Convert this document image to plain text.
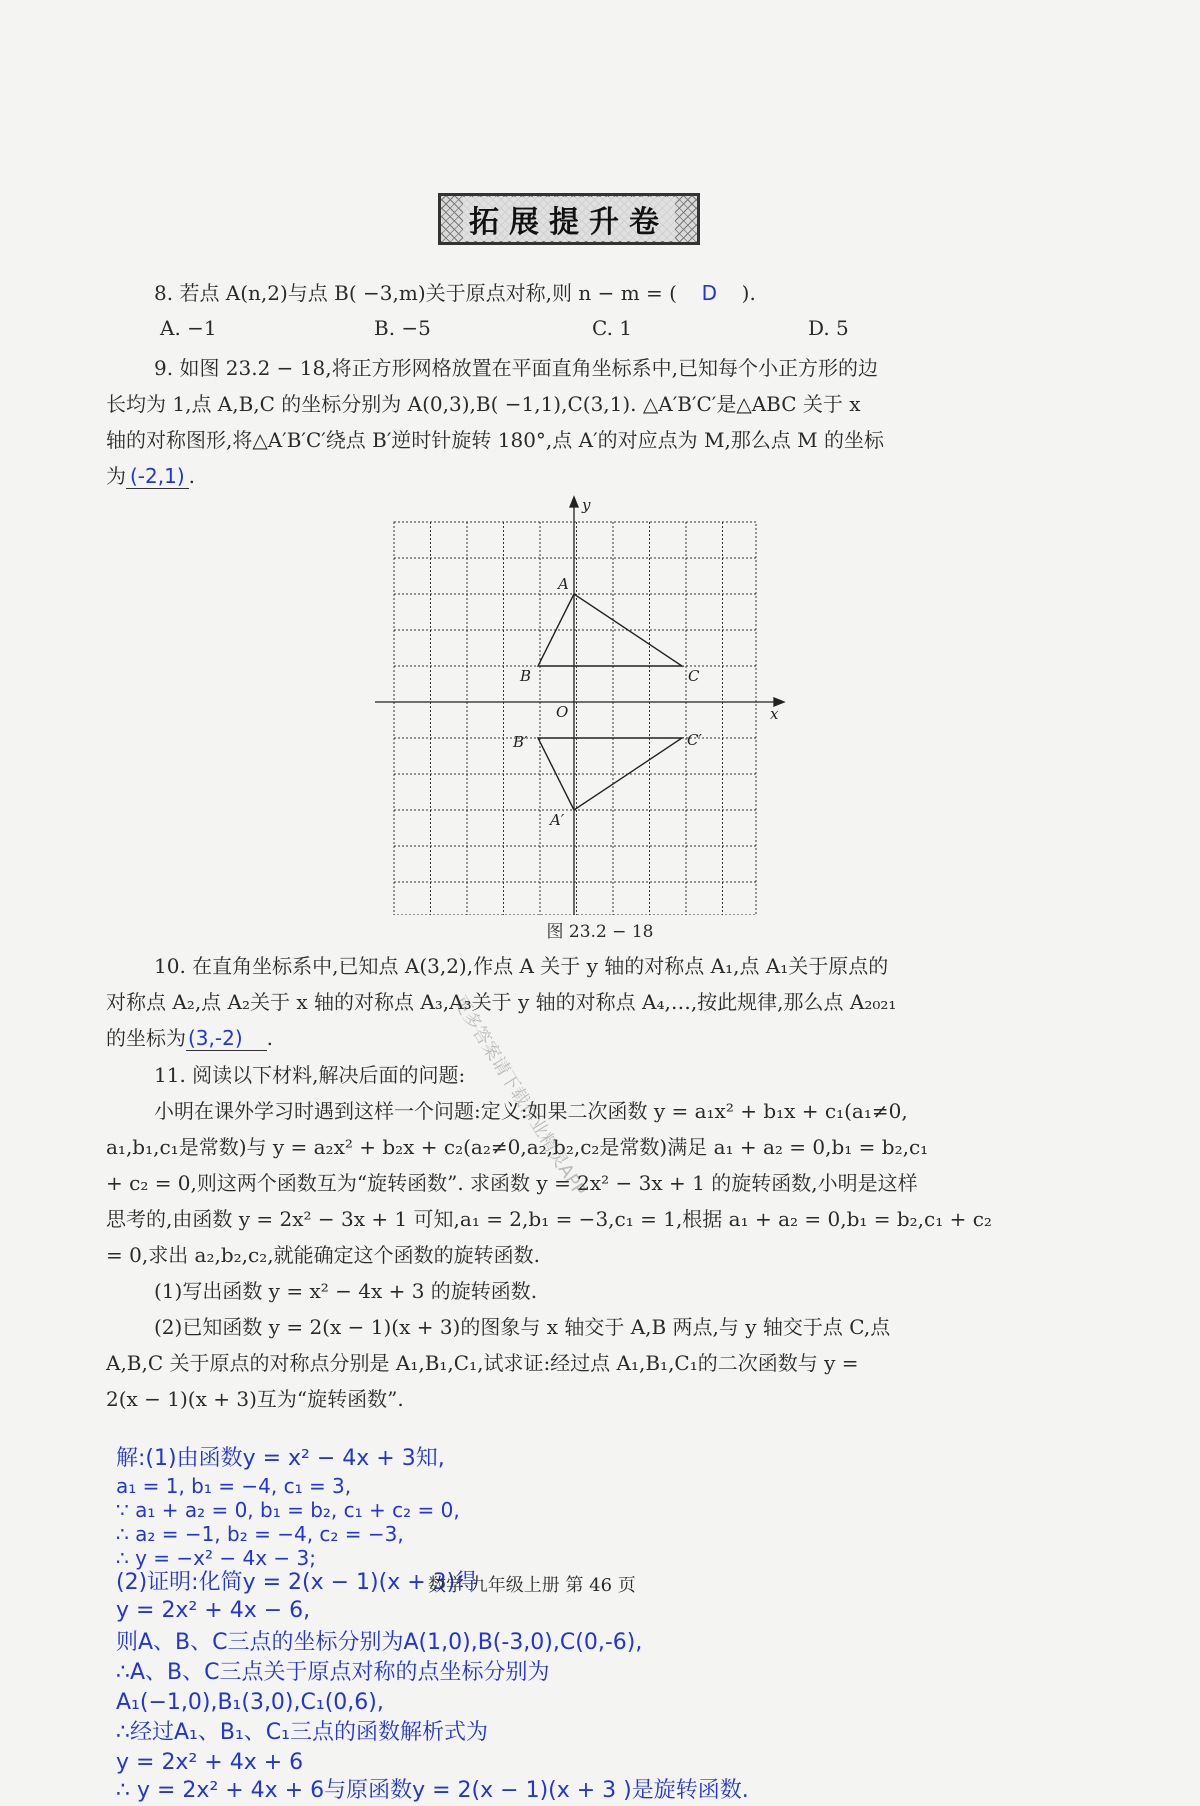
更多答案请下载作业精灵APP
拓展提升卷
8. 若点 A(n,2)与点 B( −3,m)关于原点对称,则 n − m = ( D ).
A. −1	B. −5	C. 1	D. 5
9. 如图 23.2 − 18,将正方形网格放置在平面直角坐标系中,已知每个小正方形的边
长均为 1,点 A,B,C 的坐标分别为 A(0,3),B( −1,1),C(3,1). △A′B′C′是△ABC 关于 x
轴的对称图形,将△A′B′C′绕点 B′逆时针旋转 180°,点 A′的对应点为 M,那么点 M 的坐标
为 (-2,1) .
y
x
O
A
B	C
B′	C′
A′
图 23.2 − 18
10. 在直角坐标系中,已知点 A(3,2),作点 A 关于 y 轴的对称点 A₁,点 A₁关于原点的
对称点 A₂,点 A₂关于 x 轴的对称点 A₃,A₃关于 y 轴的对称点 A₄,…,按此规律,那么点 A₂₀₂₁
的坐标为 (3,-2) .
11. 阅读以下材料,解决后面的问题:
小明在课外学习时遇到这样一个问题:定义:如果二次函数 y = a₁x² + b₁x + c₁(a₁≠0,
a₁,b₁,c₁是常数)与 y = a₂x² + b₂x + c₂(a₂≠0,a₂,b₂,c₂是常数)满足 a₁ + a₂ = 0,b₁ = b₂,c₁
+ c₂ = 0,则这两个函数互为“旋转函数”. 求函数 y = 2x² − 3x + 1 的旋转函数,小明是这样
思考的,由函数 y = 2x² − 3x + 1 可知,a₁ = 2,b₁ = −3,c₁ = 1,根据 a₁ + a₂ = 0,b₁ = b₂,c₁ + c₂
= 0,求出 a₂,b₂,c₂,就能确定这个函数的旋转函数.
(1)写出函数 y = x² − 4x + 3 的旋转函数.
(2)已知函数 y = 2(x − 1)(x + 3)的图象与 x 轴交于 A,B 两点,与 y 轴交于点 C,点
A,B,C 关于原点的对称点分别是 A₁,B₁,C₁,试求证:经过点 A₁,B₁,C₁的二次函数与 y =
2(x − 1)(x + 3)互为“旋转函数”.
解:(1)由函数y = x² − 4x + 3知,
a₁ = 1, b₁ = −4, c₁ = 3,
∵ a₁ + a₂ = 0, b₁ = b₂, c₁ + c₂ = 0,
∴ a₂ = −1, b₂ = −4, c₂ = −3,
∴ y = −x² − 4x − 3;
(2)证明:化简y = 2(x − 1)(x + 3)得
数学 九年级上册 第 46 页
y = 2x² + 4x − 6,
则A、B、C三点的坐标分别为A(1,0),B(-3,0),C(0,-6),
∴A、B、C三点关于原点对称的点坐标分别为
A₁(−1,0),B₁(3,0),C₁(0,6),
∴经过A₁、B₁、C₁三点的函数解析式为
y = 2x² + 4x + 6
∴ y = 2x² + 4x + 6与原函数y = 2(x − 1)(x + 3 )是旋转函数.
